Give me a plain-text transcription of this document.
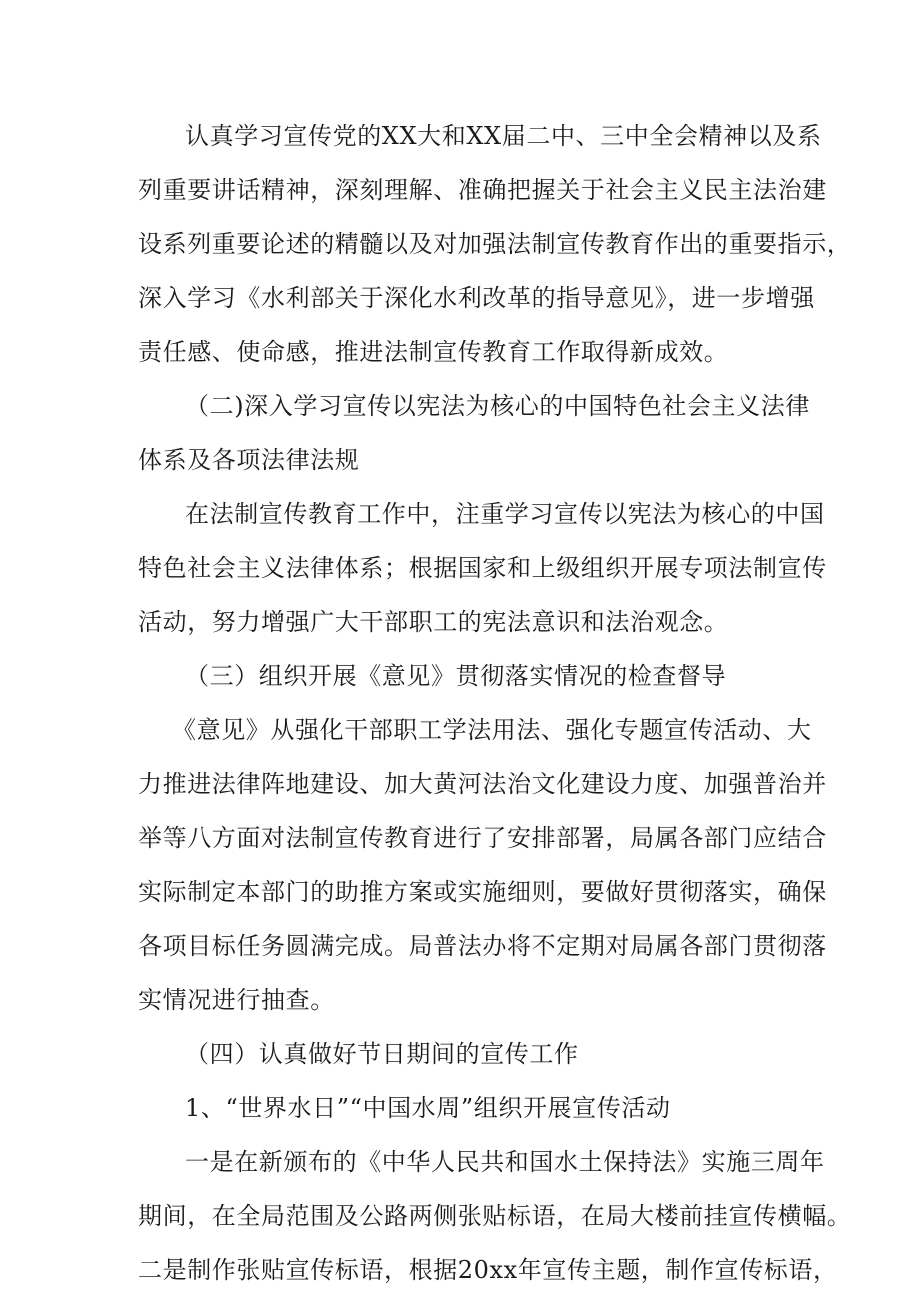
认真学习宣传党的XX大和XX届二中、三中全会精神以及系
列重要讲话精神，深刻理解、准确把握关于社会主义民主法治建
设系列重要论述的精髓以及对加强法制宣传教育作出的重要指示，
深入学习《水利部关于深化水利改革的指导意见》，进一步增强
责任感、使命感，推进法制宣传教育工作取得新成效。
（二)深入学习宣传以宪法为核心的中国特色社会主义法律
体系及各项法律法规
在法制宣传教育工作中，注重学习宣传以宪法为核心的中国
特色社会主义法律体系；根据国家和上级组织开展专项法制宣传
活动，努力增强广大干部职工的宪法意识和法治观念。
（三）组织开展《意见》贯彻落实情况的检查督导
《意见》从强化干部职工学法用法、强化专题宣传活动、大
力推进法律阵地建设、加大黄河法治文化建设力度、加强普治并
举等八方面对法制宣传教育进行了安排部署，局属各部门应结合
实际制定本部门的助推方案或实施细则，要做好贯彻落实，确保
各项目标任务圆满完成。局普法办将不定期对局属各部门贯彻落
实情况进行抽查。
（四）认真做好节日期间的宣传工作
1、“世界水日”“中国水周”组织开展宣传活动
一是在新颁布的《中华人民共和国水土保持法》实施三周年
期间，在全局范围及公路两侧张贴标语，在局大楼前挂宣传横幅。
二是制作张贴宣传标语，根据20xx年宣传主题，制作宣传标语，
